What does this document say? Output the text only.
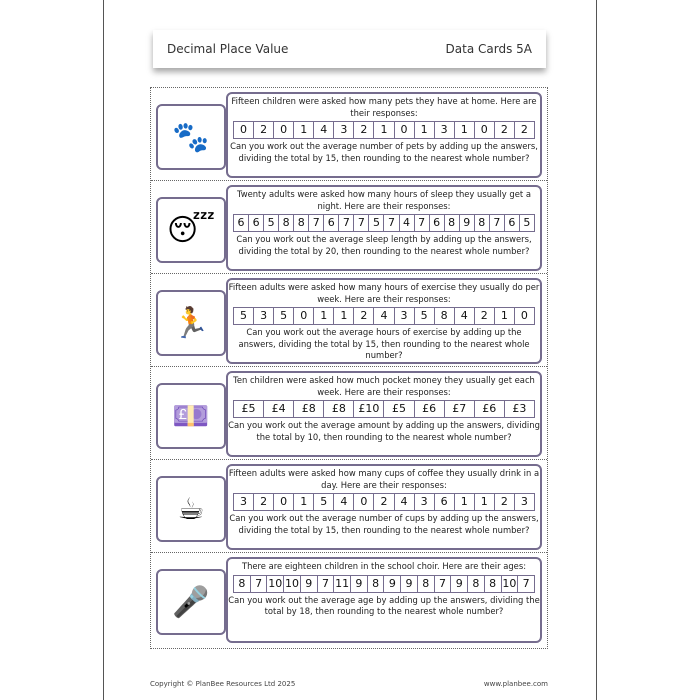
Decimal Place Value	Data Cards 5A
🐾
Fifteen children were asked how many pets they have at home. Here are their responses:
0	2	0	1	4	3	2	1	0	1	3	1	0	2	2
Can you work out the average number of pets by adding up the answers, dividing the total by 15, then rounding to the nearest whole number?
😴
Twenty adults were asked how many hours of sleep they usually get a night. Here are their responses:
6 6 5 8 8 7 6 7 7 5 7 4 7 6 8 9 8 7 6 5
Can you work out the average sleep length by adding up the answers, dividing the total by 20, then rounding to the nearest whole number?
🏃
Fifteen adults were asked how many hours of exercise they usually do per week. Here are their responses:
5	3	5	0	1	1	2	4	3	5	8	4	2	1	0
Can you work out the average hours of exercise by adding up the answers, dividing the total by 15, then rounding to the nearest whole number?
💷
Ten children were asked how much pocket money they usually get each week. Here are their responses:
£5	£4	£8	£8	£10	£5	£6	£7	£6	£3
Can you work out the average amount by adding up the answers, dividing the total by 10, then rounding to the nearest whole number?
☕
Fifteen adults were asked how many cups of coffee they usually drink in a day. Here are their responses:
3	2	0	1	5	4	0	2	4	3	6	1	1	2	3
Can you work out the average number of cups by adding up the answers, dividing the total by 15, then rounding to the nearest whole number?
🎤
There are eighteen children in the school choir. Here are their ages:
8 7 10 10 9 7 11 9 8 9 9 8 7 9 8 8 10 7
Can you work out the average age by adding up the answers, dividing the total by 18, then rounding to the nearest whole number?
Copyright © PlanBee Resources Ltd 2025	www.planbee.com
